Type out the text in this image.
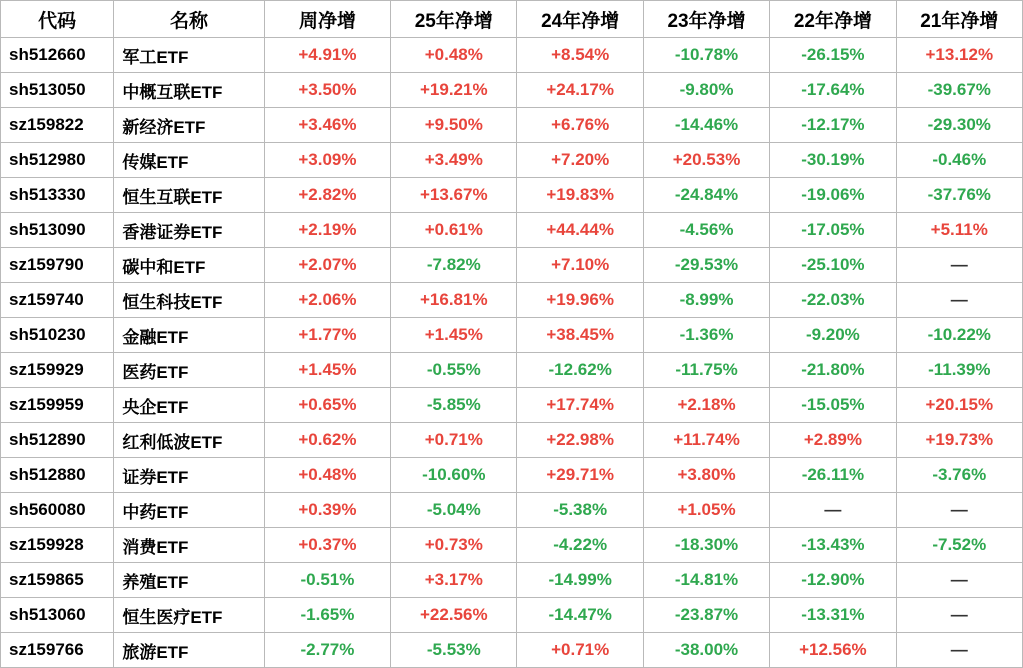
代码	名称	周净增	25年净增	24年净增	23年净增	22年净增	21年净增
sh512660	军工ETF	+4.91%	+0.48%	+8.54%	-10.78%	-26.15%	+13.12%
sh513050	中概互联ETF	+3.50%	+19.21%	+24.17%	-9.80%	-17.64%	-39.67%
sz159822	新经济ETF	+3.46%	+9.50%	+6.76%	-14.46%	-12.17%	-29.30%
sh512980	传媒ETF	+3.09%	+3.49%	+7.20%	+20.53%	-30.19%	-0.46%
sh513330	恒生互联ETF	+2.82%	+13.67%	+19.83%	-24.84%	-19.06%	-37.76%
sh513090	香港证券ETF	+2.19%	+0.61%	+44.44%	-4.56%	-17.05%	+5.11%
sz159790	碳中和ETF	+2.07%	-7.82%	+7.10%	-29.53%	-25.10%	—
sz159740	恒生科技ETF	+2.06%	+16.81%	+19.96%	-8.99%	-22.03%	—
sh510230	金融ETF	+1.77%	+1.45%	+38.45%	-1.36%	-9.20%	-10.22%
sz159929	医药ETF	+1.45%	-0.55%	-12.62%	-11.75%	-21.80%	-11.39%
sz159959	央企ETF	+0.65%	-5.85%	+17.74%	+2.18%	-15.05%	+20.15%
sh512890	红利低波ETF	+0.62%	+0.71%	+22.98%	+11.74%	+2.89%	+19.73%
sh512880	证券ETF	+0.48%	-10.60%	+29.71%	+3.80%	-26.11%	-3.76%
sh560080	中药ETF	+0.39%	-5.04%	-5.38%	+1.05%	—	—
sz159928	消费ETF	+0.37%	+0.73%	-4.22%	-18.30%	-13.43%	-7.52%
sz159865	养殖ETF	-0.51%	+3.17%	-14.99%	-14.81%	-12.90%	—
sh513060	恒生医疗ETF	-1.65%	+22.56%	-14.47%	-23.87%	-13.31%	—
sz159766	旅游ETF	-2.77%	-5.53%	+0.71%	-38.00%	+12.56%	—
